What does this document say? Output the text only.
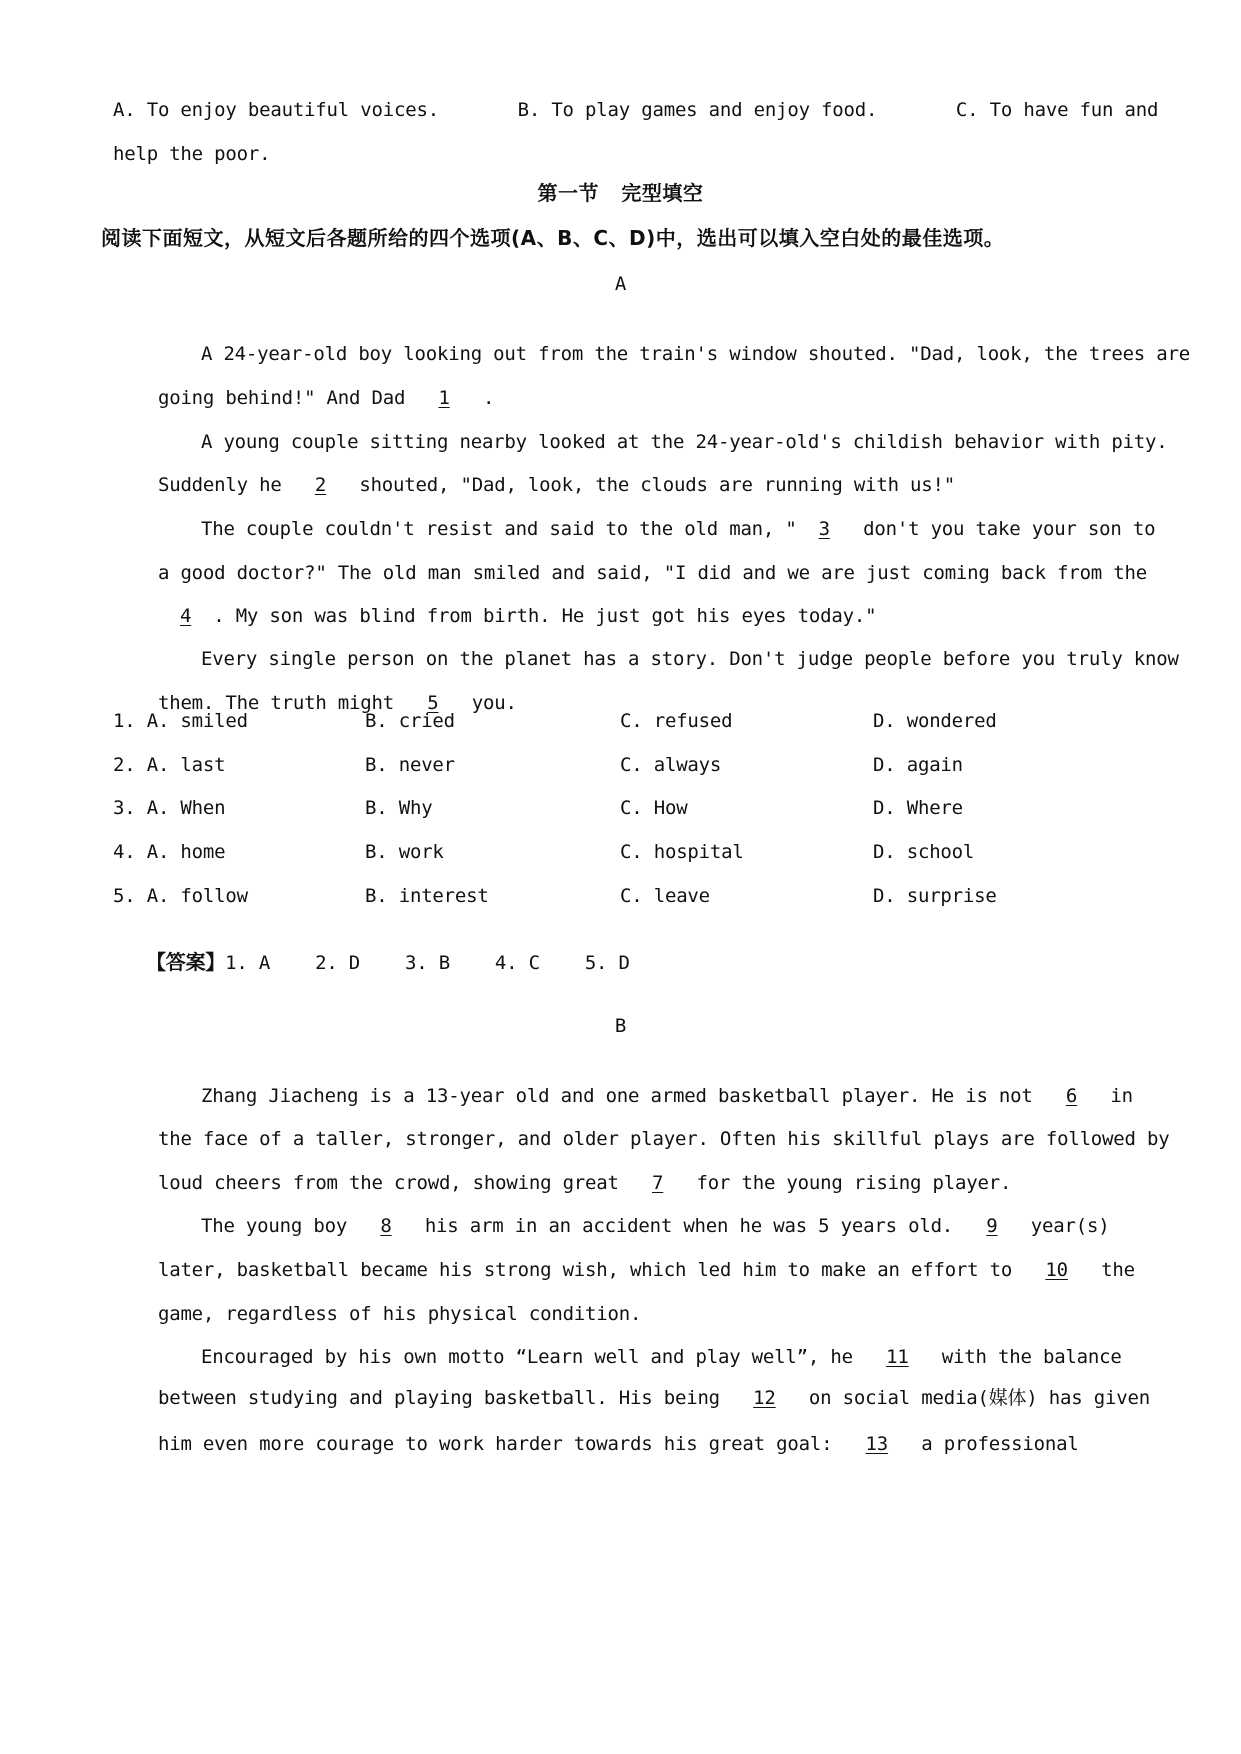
A. To enjoy beautiful voices.       B. To play games and enjoy food.       C. To have fun and
help the poor.
第一节   完型填空
阅读下面短文，从短文后各题所给的四个选项(A、B、C、D)中，选出可以填入空白处的最佳选项。
A

A 24-year-old boy looking out from the train's window shouted. "Dad, look, the trees are

going behind!" And Dad 1 .

A young couple sitting nearby looked at the 24-year-old's childish behavior with pity.

Suddenly he 2 shouted, "Dad, look, the clouds are running with us!"

The couple couldn't resist and said to the old man, " 3 don't you take your son to

a good doctor?" The old man smiled and said, "I did and we are just coming back from the

4 . My son was blind from birth. He just got his eyes today."

Every single person on the planet has a story. Don't judge people before you truly know

them. The truth might 5 you.

1. A. smiled	B. cried	C. refused	D. wondered
2. A. last	B. never	C. always	D. again
3. A. When	B. Why	C. How	D. Where
4. A. home	B. work	C. hospital	D. school
5. A. follow	B. interest	C. leave	D. surprise

【答案】1. A    2. D    3. B    4. C    5. D

B

Zhang Jiacheng is a 13-year old and one armed basketball player. He is not 6 in

the face of a taller, stronger, and older player. Often his skillful plays are followed by

loud cheers from the crowd, showing great 7 for the young rising player.

The young boy 8 his arm in an accident when he was 5 years old. 9 year(s)

later, basketball became his strong wish, which led him to make an effort to 10 the

game, regardless of his physical condition.

Encouraged by his own motto “Learn well and play well”, he 11 with the balance

between studying and playing basketball. His being 12 on social media(媒体) has given

him even more courage to work harder towards his great goal: 13 a professional
